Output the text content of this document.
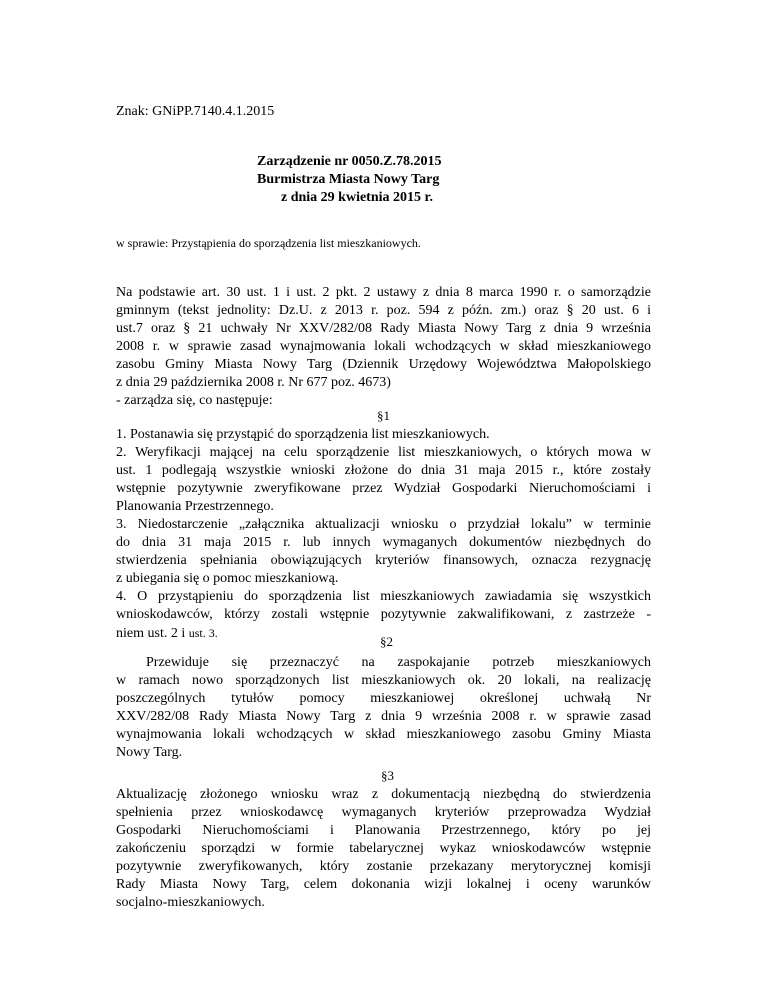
Znak: GNiPP.7140.4.1.2015
Zarządzenie nr 0050.Z.78.2015
Burmistrza Miasta Nowy Targ
z dnia 29 kwietnia 2015 r.
w sprawie: Przystąpienia do sporządzenia list mieszkaniowych.

Na podstawie art. 30 ust. 1 i ust. 2 pkt. 2 ustawy z dnia 8 marca 1990 r. o samorządzie

gminnym (tekst jednolity: Dz.U. z 2013 r. poz. 594 z późn. zm.) oraz § 20 ust. 6 i

ust.7 oraz § 21 uchwały Nr XXV/282/08 Rady Miasta Nowy Targ z dnia 9 września

2008 r. w sprawie zasad wynajmowania lokali wchodzących w skład mieszkaniowego

zasobu Gminy Miasta Nowy Targ (Dziennik Urzędowy Województwa Małopolskiego

z dnia 29 października 2008 r. Nr 677 poz. 4673)

- zarządza się, co następuje:

§1

1. Postanawia się przystąpić do sporządzenia list mieszkaniowych.

2. Weryfikacji mającej na celu sporządzenie list mieszkaniowych, o których mowa w

ust. 1 podlegają wszystkie wnioski złożone do dnia 31 maja 2015 r., które zostały

wstępnie pozytywnie zweryfikowane przez Wydział Gospodarki Nieruchomościami i

Planowania Przestrzennego.

3. Niedostarczenie „załącznika aktualizacji wniosku o przydział lokalu” w terminie

do dnia 31 maja 2015 r. lub innych wymaganych dokumentów niezbędnych do

stwierdzenia spełniania obowiązujących kryteriów finansowych, oznacza rezygnację

z ubiegania się o pomoc mieszkaniową.

4. O przystąpieniu do sporządzenia list mieszkaniowych zawiadamia się wszystkich

wnioskodawców, którzy zostali wstępnie pozytywnie zakwalifikowani, z zastrzeże -

niem ust. 2 i ust. 3.

§2

Przewiduje się przeznaczyć na zaspokajanie potrzeb mieszkaniowych

w ramach nowo sporządzonych list mieszkaniowych ok. 20 lokali, na realizację

poszczególnych tytułów pomocy mieszkaniowej określonej uchwałą Nr

XXV/282/08 Rady Miasta Nowy Targ z dnia 9 września 2008 r. w sprawie zasad

wynajmowania lokali wchodzących w skład mieszkaniowego zasobu Gminy Miasta

Nowy Targ.

§3

Aktualizację złożonego wniosku wraz z dokumentacją niezbędną do stwierdzenia

spełnienia przez wnioskodawcę wymaganych kryteriów przeprowadza Wydział

Gospodarki Nieruchomościami i Planowania Przestrzennego, który po jej

zakończeniu sporządzi w formie tabelarycznej wykaz wnioskodawców wstępnie

pozytywnie zweryfikowanych, który zostanie przekazany merytorycznej komisji

Rady Miasta Nowy Targ, celem dokonania wizji lokalnej i oceny warunków

socjalno-mieszkaniowych.
